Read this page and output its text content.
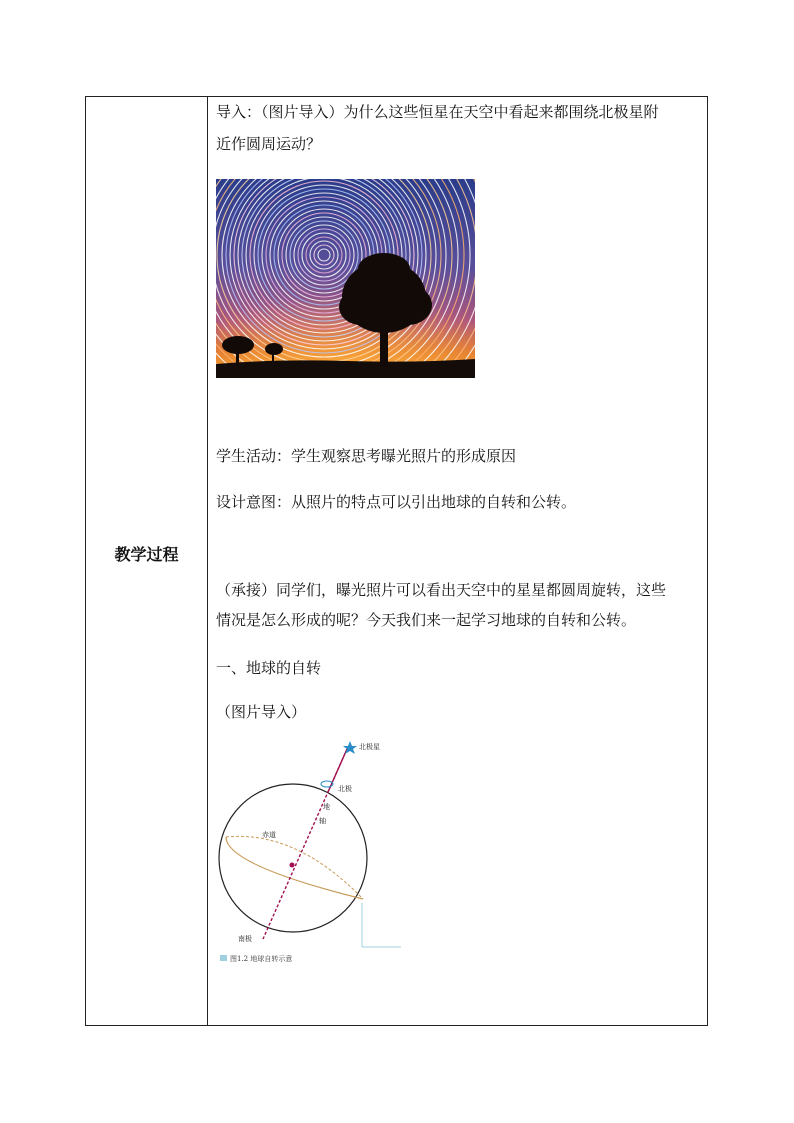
教学过程
导入：（图片导入）为什么这些恒星在天空中看起来都围绕北极星附
近作圆周运动？
学生活动：学生观察思考曝光照片的形成原因
设计意图：从照片的特点可以引出地球的自转和公转。
（承接）同学们，曝光照片可以看出天空中的星星都圆周旋转，这些
情况是怎么形成的呢？今天我们来一起学习地球的自转和公转。
一、地球的自转
（图片导入）
北极星
北极
地
轴
赤道
南极
图1.2 地球自转示意
